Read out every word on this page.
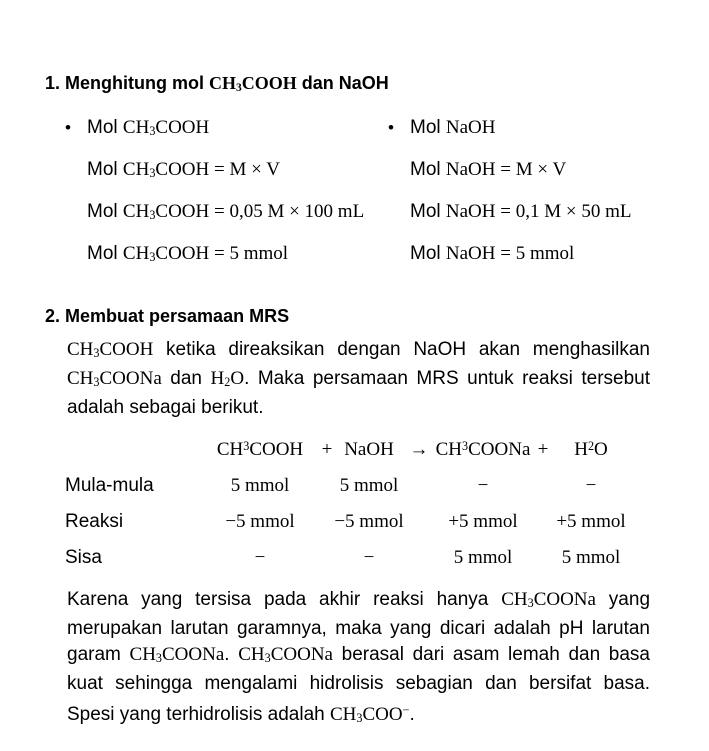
1. Menghitung mol $CH_3COOH$ dan NaOH
• Mol $CH_3COOH$
Mol $CH_3COOH = M \times V$
Mol $CH_3COOH = 0,05$ M × 100 mL
Mol $CH_3COOH = 5$ mmol
• Mol NaOH
Mol NaOH = M × V
Mol NaOH = 0,1 M × 50 mL
Mol NaOH = 5 mmol
2. Membuat persamaan MRS
$CH_3COOH$ ketika direaksikan dengan NaOH akan menghasilkan
$CH_3COONa$ dan $H_2O$. Maka persamaan MRS untuk reaksi tersebut
adalah sebagai berikut.
CH 3 COOH + NaOH → CH 3 COONa +	H 2 O
Mula-mula	5 mmol	5 mmol	−	−
Reaksi	−5 mmol	−5 mmol	+5 mmol	+5 mmol
Sisa	−	−	5 mmol	5 mmol
Karena yang tersisa pada akhir reaksi hanya $CH_3COONa$ yang
merupakan larutan garamnya, maka yang dicari adalah pH larutan
garam $CH_3COONa$. $CH_3COONa$ berasal dari asam lemah dan basa
kuat sehingga mengalami hidrolisis sebagian dan bersifat basa.
Spesi yang terhidrolisis adalah $CH_3COO^-$.
